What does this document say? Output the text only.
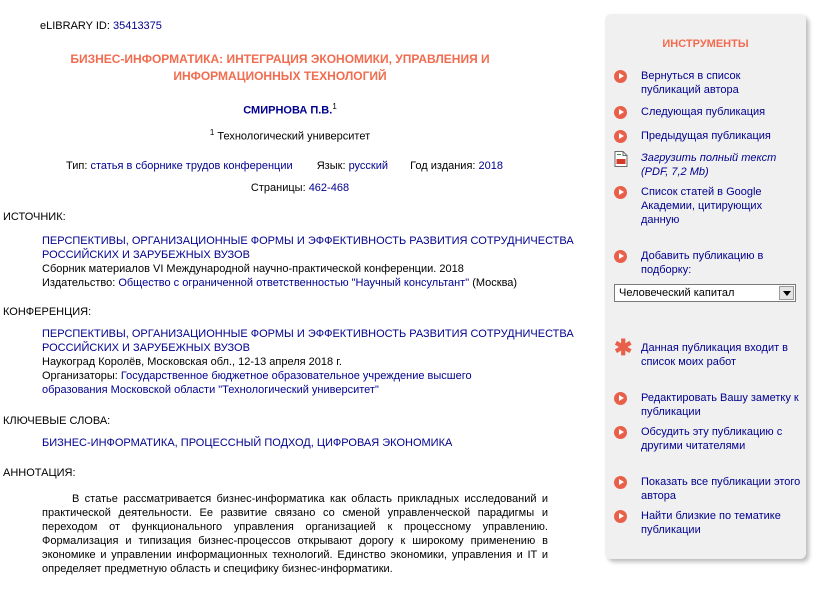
eLIBRARY ID: 35413375
БИЗНЕС-ИНФОРМАТИКА: ИНТЕГРАЦИЯ ЭКОНОМИКИ, УПРАВЛЕНИЯ И
ИНФОРМАЦИОННЫХ ТЕХНОЛОГИЙ
СМИРНОВА П.В.$^1$
$^1$ Технологический университет
Тип: статья в сборнике трудов конференции Язык: русский Год издания: 2018
Страницы: 462-468
ИСТОЧНИК:
ПЕРСПЕКТИВЫ, ОРГАНИЗАЦИОННЫЕ ФОРМЫ И ЭФФЕКТИВНОСТЬ РАЗВИТИЯ СОТРУДНИЧЕСТВА
РОССИЙСКИХ И ЗАРУБЕЖНЫХ ВУЗОВ
Сборник материалов VI Международной научно-практической конференции. 2018
Издательство: Общество с ограниченной ответственностью "Научный консультант" (Москва)
КОНФЕРЕНЦИЯ:
ПЕРСПЕКТИВЫ, ОРГАНИЗАЦИОННЫЕ ФОРМЫ И ЭФФЕКТИВНОСТЬ РАЗВИТИЯ СОТРУДНИЧЕСТВА
РОССИЙСКИХ И ЗАРУБЕЖНЫХ ВУЗОВ
Наукоград Королёв, Московская обл., 12-13 апреля 2018 г.
Организаторы: Государственное бюджетное образовательное учреждение высшего
образования Московской области "Технологический университет"
КЛЮЧЕВЫЕ СЛОВА:
БИЗНЕС-ИНФОРМАТИКА, ПРОЦЕССНЫЙ ПОДХОД, ЦИФРОВАЯ ЭКОНОМИКА
АННОТАЦИЯ:
В статье рассматривается бизнес-информатика как область прикладных исследований и практической деятельности. Ее развитие связано со сменой управленческой парадигмы и переходом от функционального управления организацией к процессному управлению. Формализация и типизация бизнес-процессов открывают дорогу к широкому применению в экономике и управлении информационных технологий. Единство экономики, управления и IT и определяет предметную область и специфику бизнес-информатики.
ИНСТРУМЕНТЫ
Вернуться в список публикаций автора
Следующая публикация
Предыдущая публикация
Загрузить полный текст (PDF, 7,2 Mb)
Список статей в Google Академии, цитирующих данную
Добавить публикацию в подборку:
Человеческий капитал
✱ Данная публикация входит в список моих работ
Редактировать Вашу заметку к публикации
Обсудить эту публикацию с другими читателями
Показать все публикации этого автора
Найти близкие по тематике публикации
